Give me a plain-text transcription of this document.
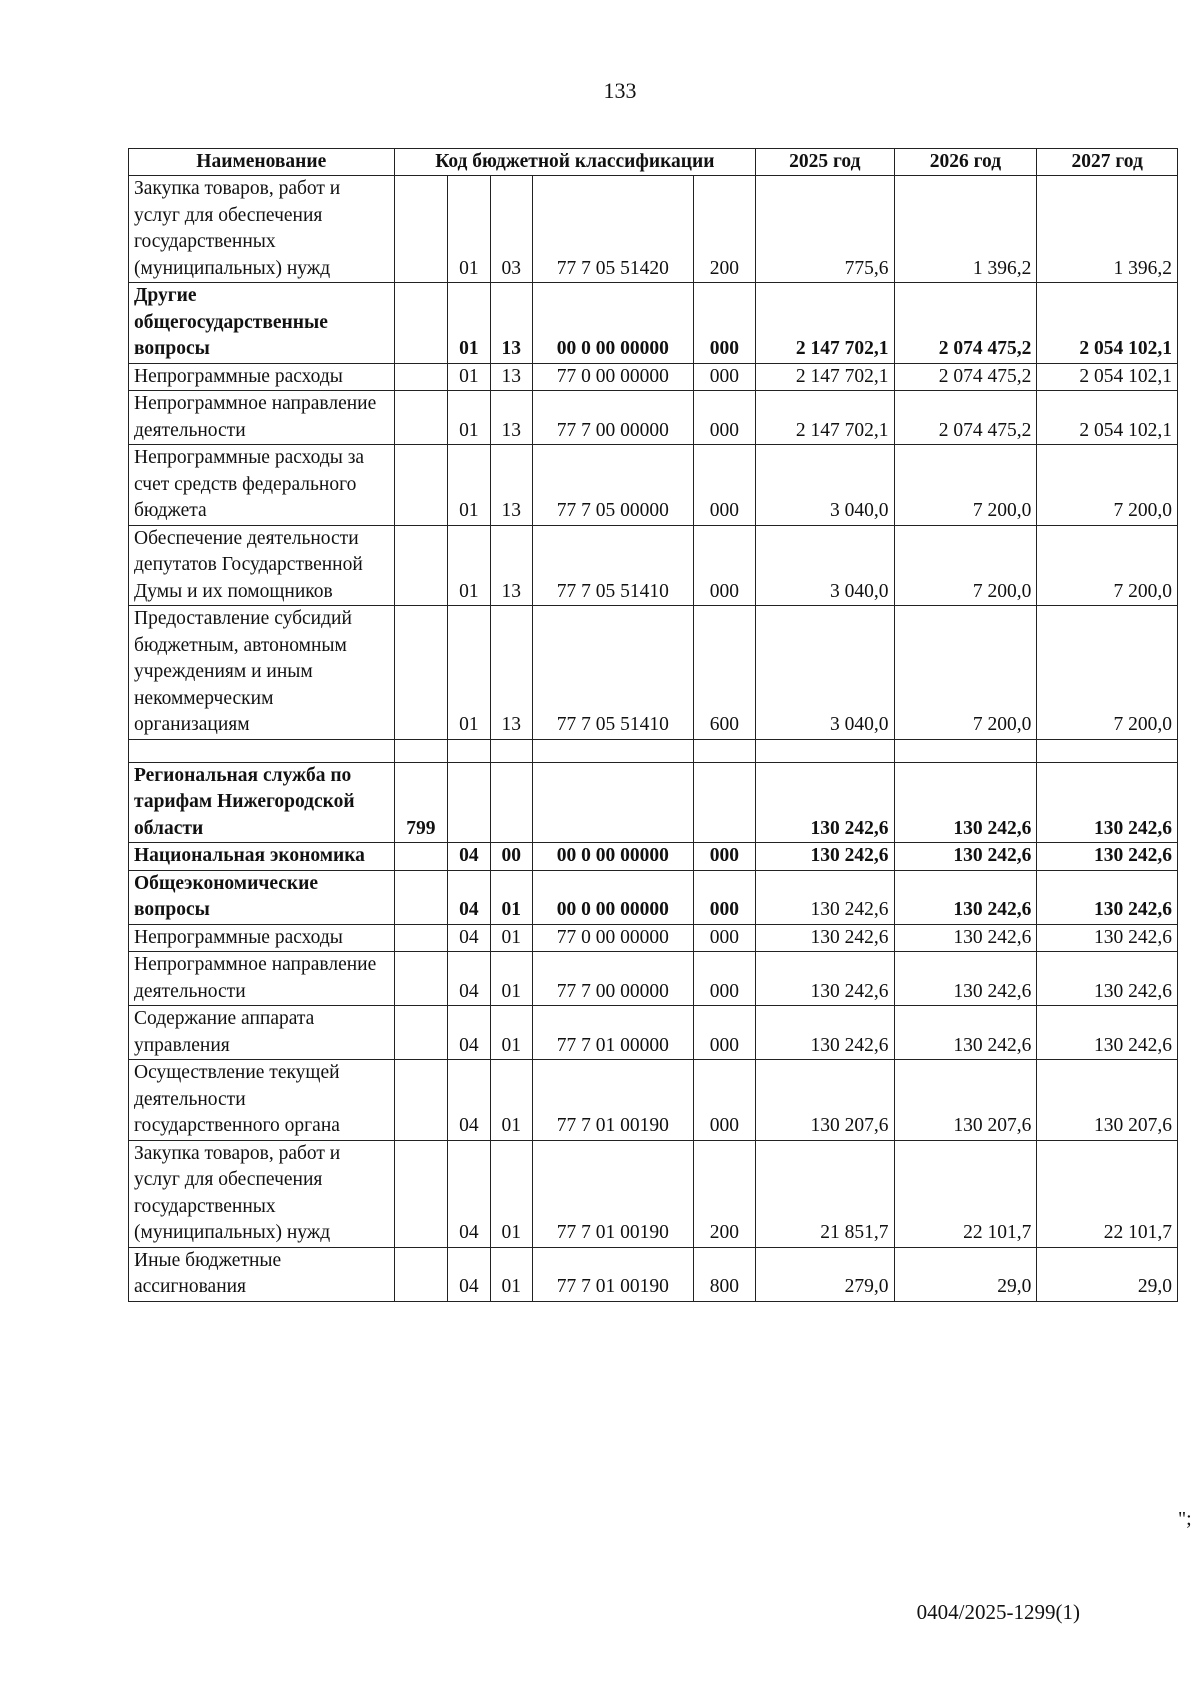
133
Наименование	Код бюджетной классификации					2025 год	2026 год	2027 год
Закупка товаров, работ и услуг для обеспечения государственных (муниципальных) нужд		01	03	77 7 05 51420	200	775,6	1 396,2	1 396,2
Другие общегосударственные вопросы		01	13	00 0 00 00000	000	2 147 702,1	2 074 475,2	2 054 102,1
Непрограммные расходы		01	13	77 0 00 00000	000	2 147 702,1	2 074 475,2	2 054 102,1
Непрограммное направление деятельности		01	13	77 7 00 00000	000	2 147 702,1	2 074 475,2	2 054 102,1
Непрограммные расходы за счет средств федерального бюджета		01	13	77 7 05 00000	000	3 040,0	7 200,0	7 200,0
Обеспечение деятельности депутатов Государственной Думы и их помощников		01	13	77 7 05 51410	000	3 040,0	7 200,0	7 200,0
Предоставление субсидий бюджетным, автономным учреждениям и иным некоммерческим организациям		01	13	77 7 05 51410	600	3 040,0	7 200,0	7 200,0

Региональная служба по тарифам Нижегородской области	799					130 242,6	130 242,6	130 242,6
Национальная экономика		04	00	00 0 00 00000	000	130 242,6	130 242,6	130 242,6
Общеэкономические вопросы		04	01	00 0 00 00000	000	130 242,6	130 242,6	130 242,6
Непрограммные расходы		04	01	77 0 00 00000	000	130 242,6	130 242,6	130 242,6
Непрограммное направление деятельности		04	01	77 7 00 00000	000	130 242,6	130 242,6	130 242,6
Содержание аппарата управления		04	01	77 7 01 00000	000	130 242,6	130 242,6	130 242,6
Осуществление текущей деятельности государственного органа		04	01	77 7 01 00190	000	130 207,6	130 207,6	130 207,6
Закупка товаров, работ и услуг для обеспечения государственных (муниципальных) нужд		04	01	77 7 01 00190	200	21 851,7	22 101,7	22 101,7
Иные бюджетные ассигнования		04	01	77 7 01 00190	800	279,0	29,0	29,0
";
0404/2025-1299(1)
